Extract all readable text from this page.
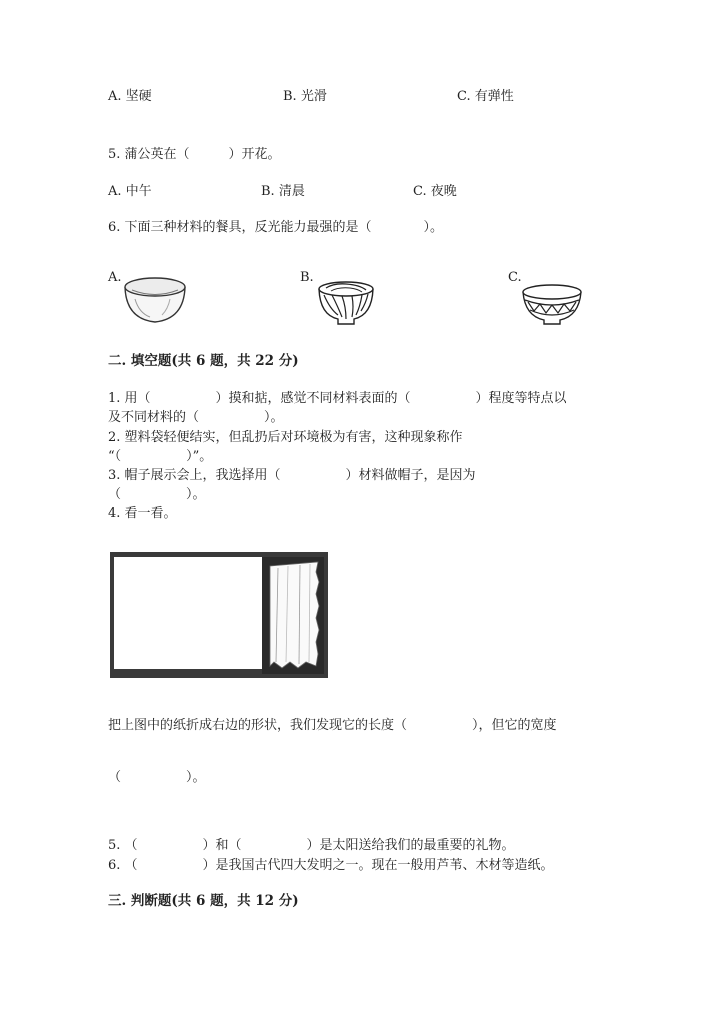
A. 坚硬	B. 光滑	C. 有弹性
5. 蒲公英在（　　　）开花。
A. 中午	B. 清晨	C. 夜晚
6. 下面三种材料的餐具，反光能力最强的是（　　　　）。
A.	B.	C.
二. 填空题(共 6 题，共 22 分)
1. 用（　　　　　）摸和掂，感觉不同材料表面的（　　　　　）程度等特点以
及不同材料的（　　　　　）。
2. 塑料袋轻便结实，但乱扔后对环境极为有害，这种现象称作
“（　　　　　）”。
3. 帽子展示会上，我选择用（　　　　　）材料做帽子，是因为
（　　　　　）。
4. 看一看。
把上图中的纸折成右边的形状，我们发现它的长度（　　　　　），但它的宽度
（　　　　　）。
5. （　　　　　）和（　　　　　）是太阳送给我们的最重要的礼物。
6. （　　　　　）是我国古代四大发明之一。现在一般用芦苇、木材等造纸。
三. 判断题(共 6 题，共 12 分)
